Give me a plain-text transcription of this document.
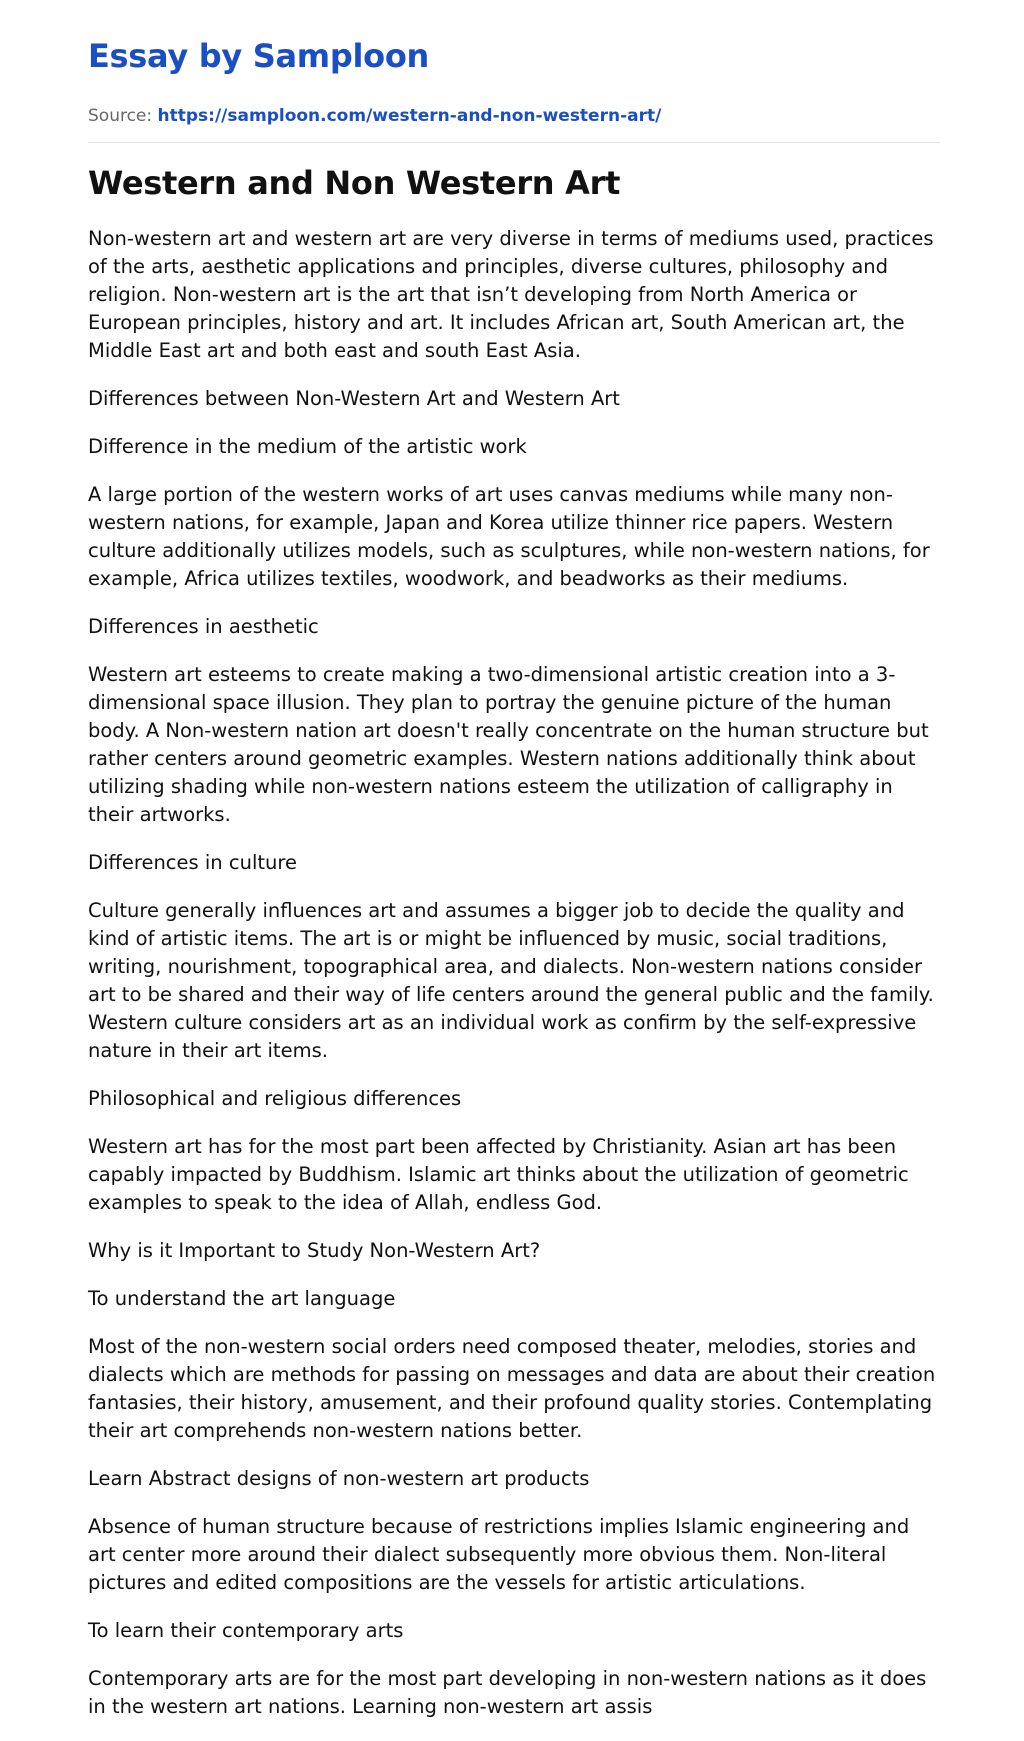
Essay by Samploon
Source: https://samploon.com/western-and-non-western-art/
Western and Non Western Art

Non-western art and western art are very diverse in terms of mediums used, practices of the arts, aesthetic applications and principles, diverse cultures, philosophy and religion. Non-western art is the art that isn’t developing from North America or European principles, history and art. It includes African art, South American art, the Middle East art and both east and south East Asia.

Differences between Non-Western Art and Western Art

Difference in the medium of the artistic work

A large portion of the western works of art uses canvas mediums while many non-western nations, for example, Japan and Korea utilize thinner rice papers. Western culture additionally utilizes models, such as sculptures, while non-western nations, for example, Africa utilizes textiles, woodwork, and beadworks as their mediums.

Differences in aesthetic

Western art esteems to create making a two-dimensional artistic creation into a 3-dimensional space illusion. They plan to portray the genuine picture of the human body. A Non-western nation art doesn't really concentrate on the human structure but rather centers around geometric examples. Western nations additionally think about utilizing shading while non-western nations esteem the utilization of calligraphy in their artworks.

Differences in culture

Culture generally influences art and assumes a bigger job to decide the quality and kind of artistic items. The art is or might be influenced by music, social traditions, writing, nourishment, topographical area, and dialects. Non-western nations consider art to be shared and their way of life centers around the general public and the family. Western culture considers art as an individual work as confirm by the self-expressive nature in their art items.

Philosophical and religious differences

Western art has for the most part been affected by Christianity. Asian art has been capably impacted by Buddhism. Islamic art thinks about the utilization of geometric examples to speak to the idea of Allah, endless God.

Why is it Important to Study Non-Western Art?

To understand the art language

Most of the non-western social orders need composed theater, melodies, stories and dialects which are methods for passing on messages and data are about their creation fantasies, their history, amusement, and their profound quality stories. Contemplating their art comprehends non-western nations better.

Learn Abstract designs of non-western art products

Absence of human structure because of restrictions implies Islamic engineering and art center more around their dialect subsequently more obvious them. Non-literal pictures and edited compositions are the vessels for artistic articulations.

To learn their contemporary arts

Contemporary arts are for the most part developing in non-western nations as it does in the western art nations. Learning non-western art assis
